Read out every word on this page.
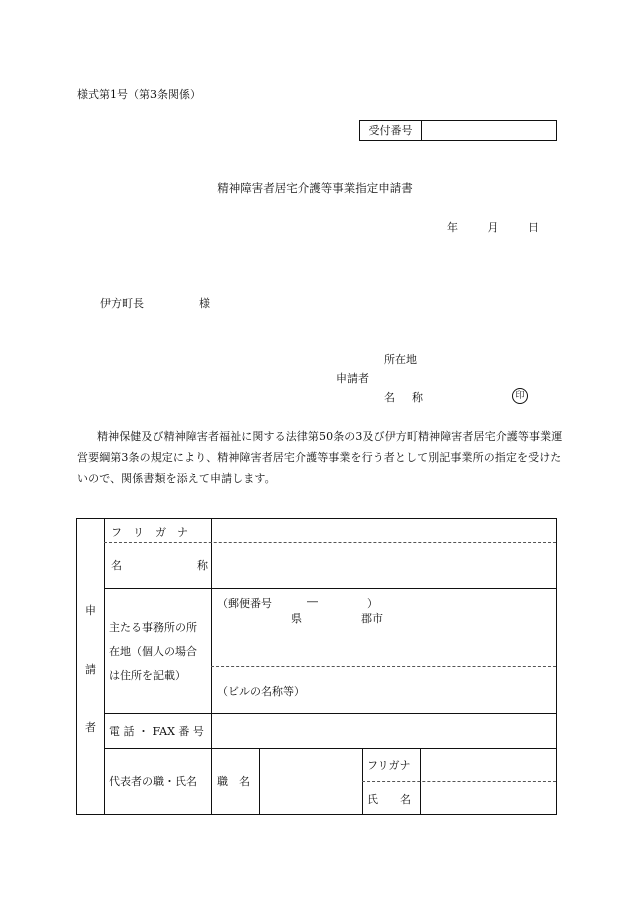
様式第1号（第3条関係）
受付番号
精神障害者居宅介護等事業指定申請書
年	月	日
伊方町長	様
所在地
申請者
名　称	印
精神保健及び精神障害者福祉に関する法律第50条の3及び伊方町精神障害者居宅介護等事業運営要綱第3条の規定により、精神障害者居宅介護等事業を行う者として別記事業所の指定を受けたいので、関係書類を添えて申請します。
申
請
者
フ　リ　ガ　ナ
名	称
主たる事務所の所
在地（個人の場合
は住所を記載）
（郵便番号	―	）
県	郡市
（ビルの名称等）
電 話 ・ FAX 番 号
代表者の職・氏名 職　名
フリガナ
氏　　名
